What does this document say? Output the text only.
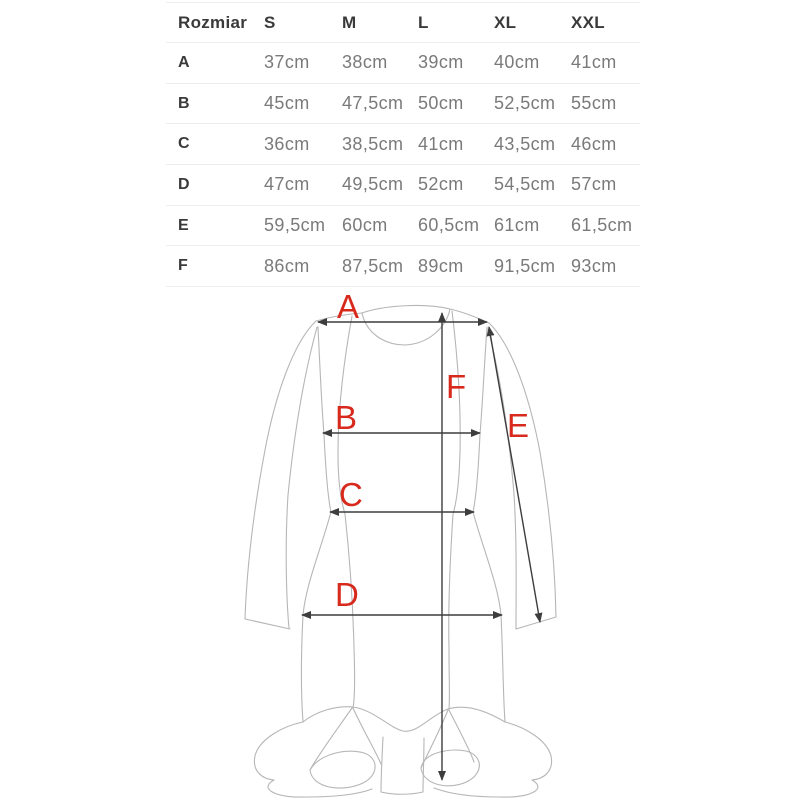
Rozmiar S	M	L	XL	XXL
A	37cm	38cm	39cm	40cm	41cm
B	45cm	47,5cm 50cm	52,5cm 55cm
C	36cm	38,5cm 41cm	43,5cm 46cm
D	47cm	49,5cm 52cm	54,5cm 57cm
E	59,5cm 60cm	60,5cm 61cm	61,5cm
F	86cm	87,5cm 89cm	91,5cm 93cm
A
B
C
D
E
F
